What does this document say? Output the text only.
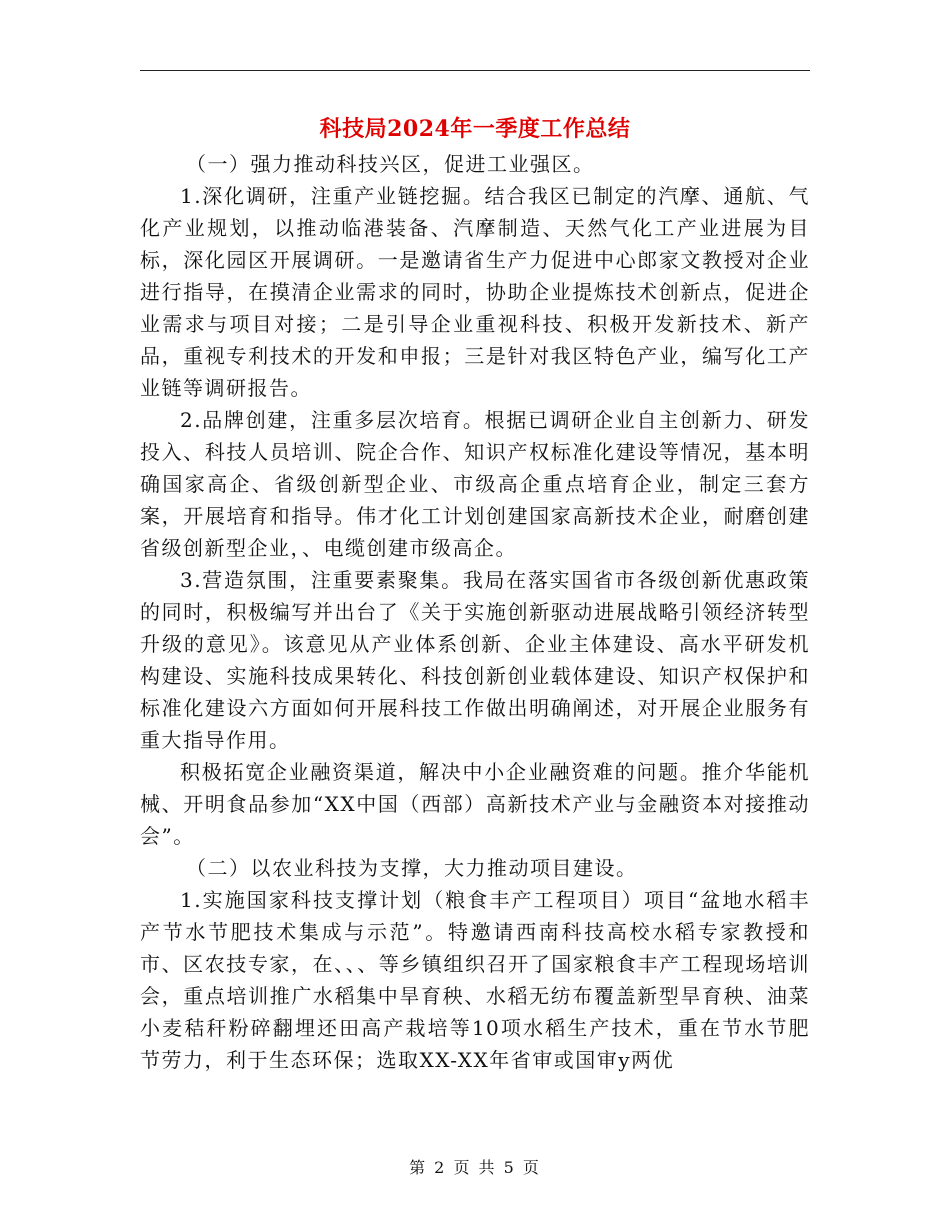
科技局2024年一季度工作总结

（一）强力推动科技兴区，促进工业强区。

1.深化调研，注重产业链挖掘。结合我区已制定的汽摩、通航、气化产业规划，以推动临港装备、汽摩制造、天然气化工产业进展为目标，深化园区开展调研。一是邀请省生产力促进中心郎家文教授对企业进行指导，在摸清企业需求的同时，协助企业提炼技术创新点，促进企业需求与项目对接；二是引导企业重视科技、积极开发新技术、新产品，重视专利技术的开发和申报；三是针对我区特色产业，编写化工产业链等调研报告。

2.品牌创建，注重多层次培育。根据已调研企业自主创新力、研发投入、科技人员培训、院企合作、知识产权标准化建设等情况，基本明确国家高企、省级创新型企业、市级高企重点培育企业，制定三套方案，开展培育和指导。伟才化工计划创建国家高新技术企业，耐磨创建省级创新型企业，、电缆创建市级高企。

3.营造氛围，注重要素聚集。我局在落实国省市各级创新优惠政策的同时，积极编写并出台了《关于实施创新驱动进展战略引领经济转型升级的意见》。该意见从产业体系创新、企业主体建设、高水平研发机构建设、实施科技成果转化、科技创新创业载体建设、知识产权保护和标准化建设六方面如何开展科技工作做出明确阐述，对开展企业服务有重大指导作用。

积极拓宽企业融资渠道，解决中小企业融资难的问题。推介华能机械、开明食品参加“XX中国（西部）高新技术产业与金融资本对接推动会”。

（二）以农业科技为支撑，大力推动项目建设。

1.实施国家科技支撑计划（粮食丰产工程项目）项目“盆地水稻丰产节水节肥技术集成与示范”。特邀请西南科技高校水稻专家教授和市、区农技专家，在、、、等乡镇组织召开了国家粮食丰产工程现场培训会，重点培训推广水稻集中旱育秧、水稻无纺布覆盖新型旱育秧、油菜小麦秸秆粉碎翻埋还田高产栽培等10项水稻生产技术，重在节水节肥节劳力，利于生态环保；选取XX-XX年省审或国审y两优

第 2 页 共 5 页
